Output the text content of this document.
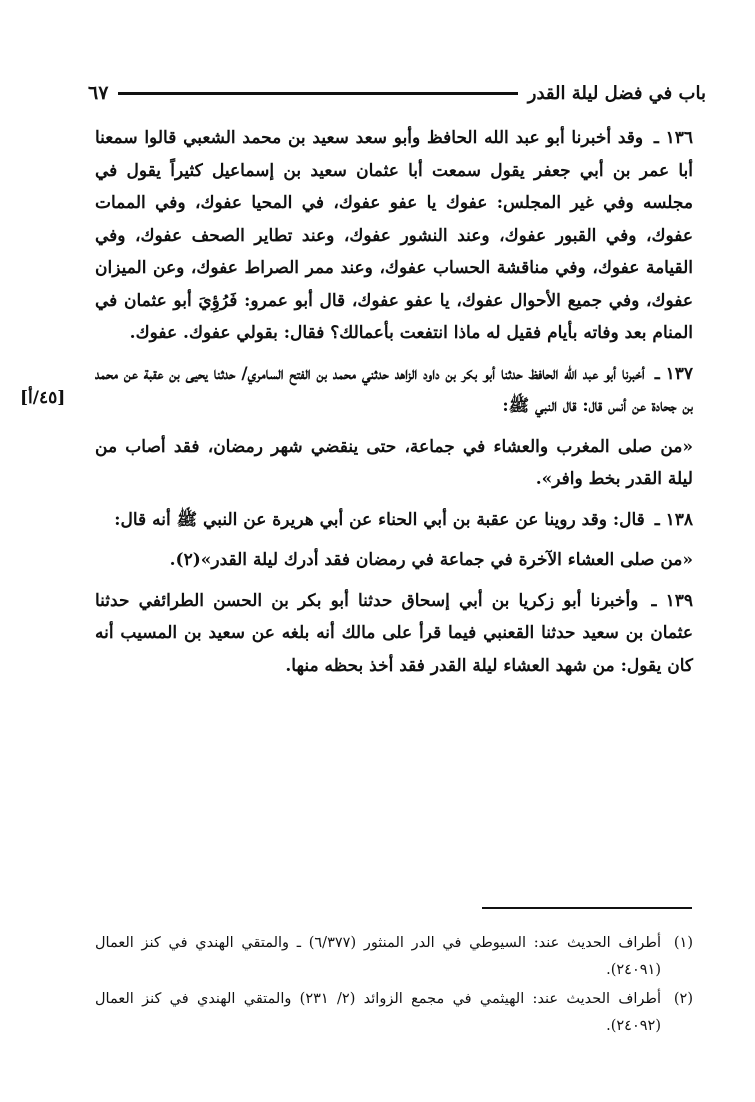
باب في فضل ليلة القدر
٦٧

١٣٦ ـ وقد أخبرنا أبو عبد الله الحافظ وأبو سعد سعيد بن محمد الشعبي قالوا سمعنا أبا عمر بن أبي جعفر يقول سمعت أبا عثمان سعيد بن إسماعيل كثيراً يقول في مجلسه وفي غير المجلس: عفوك يا عفو عفوك، في المحيا عفوك، وفي الممات عفوك، وفي القبور عفوك، وعند النشور عفوك، وعند تطاير الصحف عفوك، وفي القيامة عفوك، وفي مناقشة الحساب عفوك، وعند ممر الصراط عفوك، وعن الميزان عفوك، وفي جميع الأحوال عفوك، يا عفو عفوك، قال أبو عمرو: فَرُؤِيَ أبو عثمان في المنام بعد وفاته بأيام فقيل له ماذا انتفعت بأعمالك؟ فقال: بقولي عفوك. عفوك.

١٣٧ ـ أخبرنا أبو عبد الله الحافظ حدثنا أبو بكر بن داود الزاهد حدثني محمد بن الفتح السامري/ حدثنا يحيى بن عقبة عن محمد بن جحادة عن أنس قال: قال النبي ﷺ:

«من صلى المغرب والعشاء في جماعة، حتى ينقضي شهر رمضان، فقد أصاب من ليلة القدر بخط وافر».

١٣٨ ـ قال: وقد روينا عن عقبة بن أبي الحناء عن أبي هريرة عن النبي ﷺ أنه قال:

«من صلى العشاء الآخرة في جماعة في رمضان فقد أدرك ليلة القدر»(٢).

١٣٩ ـ وأخبرنا أبو زكريا بن أبي إسحاق حدثنا أبو بكر بن الحسن الطرائفي حدثنا عثمان بن سعيد حدثنا القعنبي فيما قرأ على مالك أنه بلغه عن سعيد بن المسيب أنه كان يقول: من شهد العشاء ليلة القدر فقد أخذ بحظه منها.

[٤٥/أ]
(١)
أطراف الحديث عند: السيوطي في الدر المنثور (٦/٣٧٧) ـ والمتقي الهندي في كنز العمال (٢٤٠٩١).
(٢)
أطراف الحديث عند: الهيثمي في مجمع الزوائد (٢/ ٢٣١) والمتقي الهندي في كنز العمال (٢٤٠٩٢).
